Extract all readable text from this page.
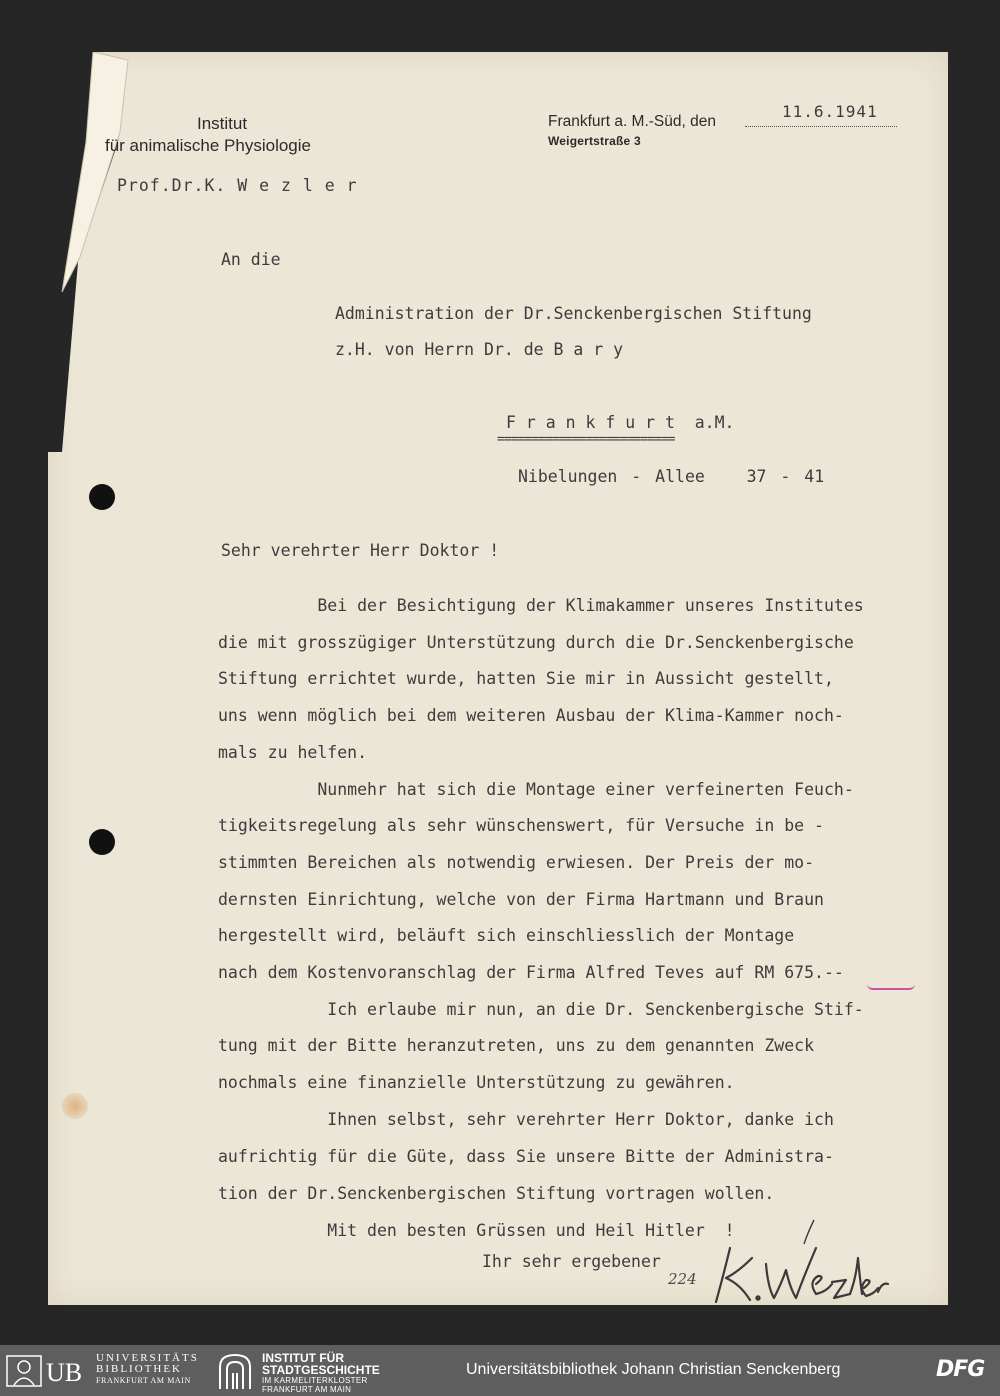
Institut
für animalische Physiologie
Frankfurt a. M.-Süd, den
Weigertstraße 3
11.6.1941
Prof.Dr.K. W e z l e r
An die
Administration der Dr.Senckenbergischen Stiftung
z.H. von Herrn Dr. de B a r y
F r a n k f u r t  a.M.
==========================
Nibelungen - Allee   37 - 41
Sehr verehrter Herr Doktor !
Bei der Besichtigung der Klimakammer unseres Institutes
die mit grosszügiger Unterstützung durch die Dr.Senckenbergische
Stiftung errichtet wurde, hatten Sie mir in Aussicht gestellt,
uns wenn möglich bei dem weiteren Ausbau der Klima-Kammer noch-
mals zu helfen.
Nunmehr hat sich die Montage einer verfeinerten Feuch-
tigkeitsregelung als sehr wünschenswert, für Versuche in be -
stimmten Bereichen als notwendig erwiesen. Der Preis der mo-
dernsten Einrichtung, welche von der Firma Hartmann und Braun
hergestellt wird, beläuft sich einschliesslich der Montage
nach dem Kostenvoranschlag der Firma Alfred Teves auf RM 675.--
Ich erlaube mir nun, an die Dr. Senckenbergische Stif-
tung mit der Bitte heranzutreten, uns zu dem genannten Zweck
nochmals eine finanzielle Unterstützung zu gewähren.
Ihnen selbst, sehr verehrter Herr Doktor, danke ich
aufrichtig für die Güte, dass Sie unsere Bitte der Administra-
tion der Dr.Senckenbergischen Stiftung vortragen wollen.
Mit den besten Grüssen und Heil Hitler  !
Ihr sehr ergebener
224
UB UNIVERSITÄTS
BIBLIOTHEK
FRANKFURT AM MAIN
INSTITUT FÜR
STADTGESCHICHTE
IM KARMELITERKLOSTER
FRANKFURT AM MAIN
Universitätsbibliothek Johann Christian Senckenberg	DFG
